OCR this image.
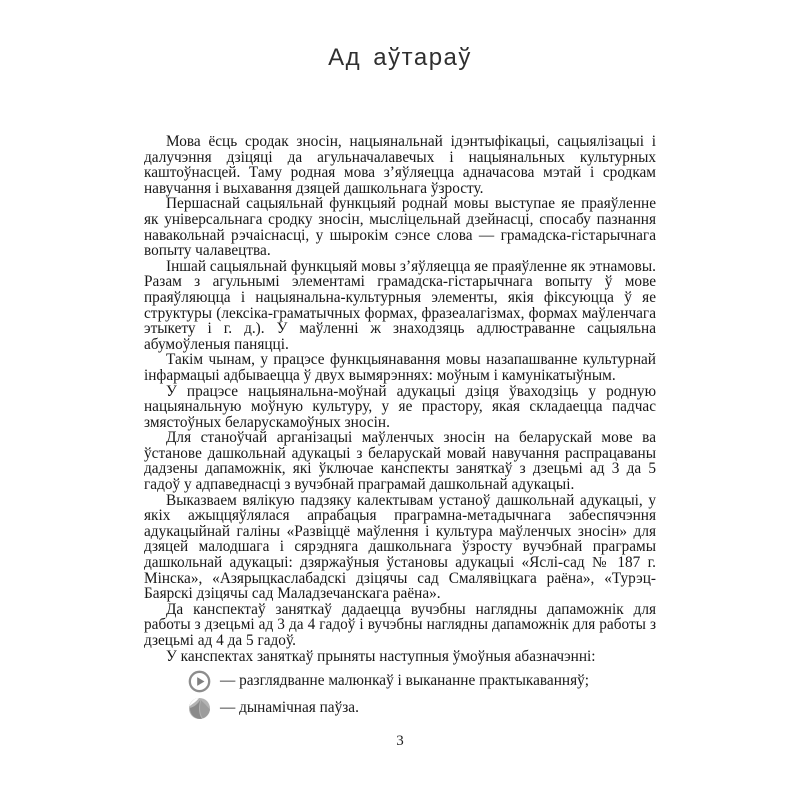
Ад аўтараў

Мова ёсць сродак зносін, нацыянальнай ідэнтыфікацыі, сацыялізацыі і далучэння дзіцяці да агульначалавечых і нацыянальных культурных каштоўнасцей. Таму родная мова з’яўляецца адначасова мэтай і сродкам навучання і выхавання дзяцей дашкольнага ўзросту.

Першаснай сацыяльнай функцыяй роднай мовы выступае яе праяўленне як універсальнага сродку зносін, мысліцельнай дзейнасці, спосабу пазнання навакольнай рэчаіснасці, у шырокім сэнсе слова — грамадска-гістарычнага вопыту чалавецтва.

Іншай сацыяльнай функцыяй мовы з’яўляецца яе праяўленне як этнамовы. Разам з агульнымі элементамі грамадска-гістарычнага вопыту ў мове праяўляюцца і нацыянальна-культурныя элементы, якія фіксуюцца ў яе структуры (лексіка-граматычных формах, фразеалагізмах, формах маўленчага этыкету і г. д.). У маўленні ж знаходзяць адлюстраванне сацыяльна абумоўленыя паняцці.

Такім чынам, у працэсе функцыянавання мовы назапашванне культурнай інфармацыі адбываецца ў двух вымярэннях: моўным і камунікатыўным.

У працэсе нацыянальна-моўнай адукацыі дзіця ўваходзіць у родную нацыянальную моўную культуру, у яе прастору, якая складаецца падчас змястоўных беларускамоўных зносін.

Для станоўчай арганізацыі маўленчых зносін на беларускай мове ва ўстанове дашкольнай адукацыі з беларускай мовай навучання распрацаваны дадзены дапаможнік, які ўключае канспекты заняткаў з дзецьмі ад 3 да 5 гадоў у адпаведнасці з вучэбнай праграмай дашкольнай адукацыі.

Выказваем вялікую падзяку калектывам устаноў дашкольнай адукацыі, у якіх ажыццяўлялася апрабацыя праграмна-метадычнага забеспячэння адукацыйнай галіны «Развіццё маўлення і культура маўленчых зносін» для дзяцей малодшага і сярэдняга дашкольнага ўзросту вучэбнай праграмы дашкольнай адукацыі: дзяржаўныя ўстановы адукацыі «Яслі-сад № 187 г. Мінска», «Азярыцкаслабадскі дзіцячы сад Смалявіцкага раёна», «Турэц-Баярскі дзіцячы сад Маладзечанскага раёна».

Да канспектаў заняткаў дадаецца вучэбны наглядны дапаможнік для работы з дзецьмі ад 3 да 4 гадоў і вучэбны наглядны дапаможнік для работы з дзецьмі ад 4 да 5 гадоў.

У канспектах заняткаў прыняты наступныя ўмоўныя абазначэнні:

— разглядванне малюнкаў і выкананне практыкаванняў;
— дынамічная паўза.
3
